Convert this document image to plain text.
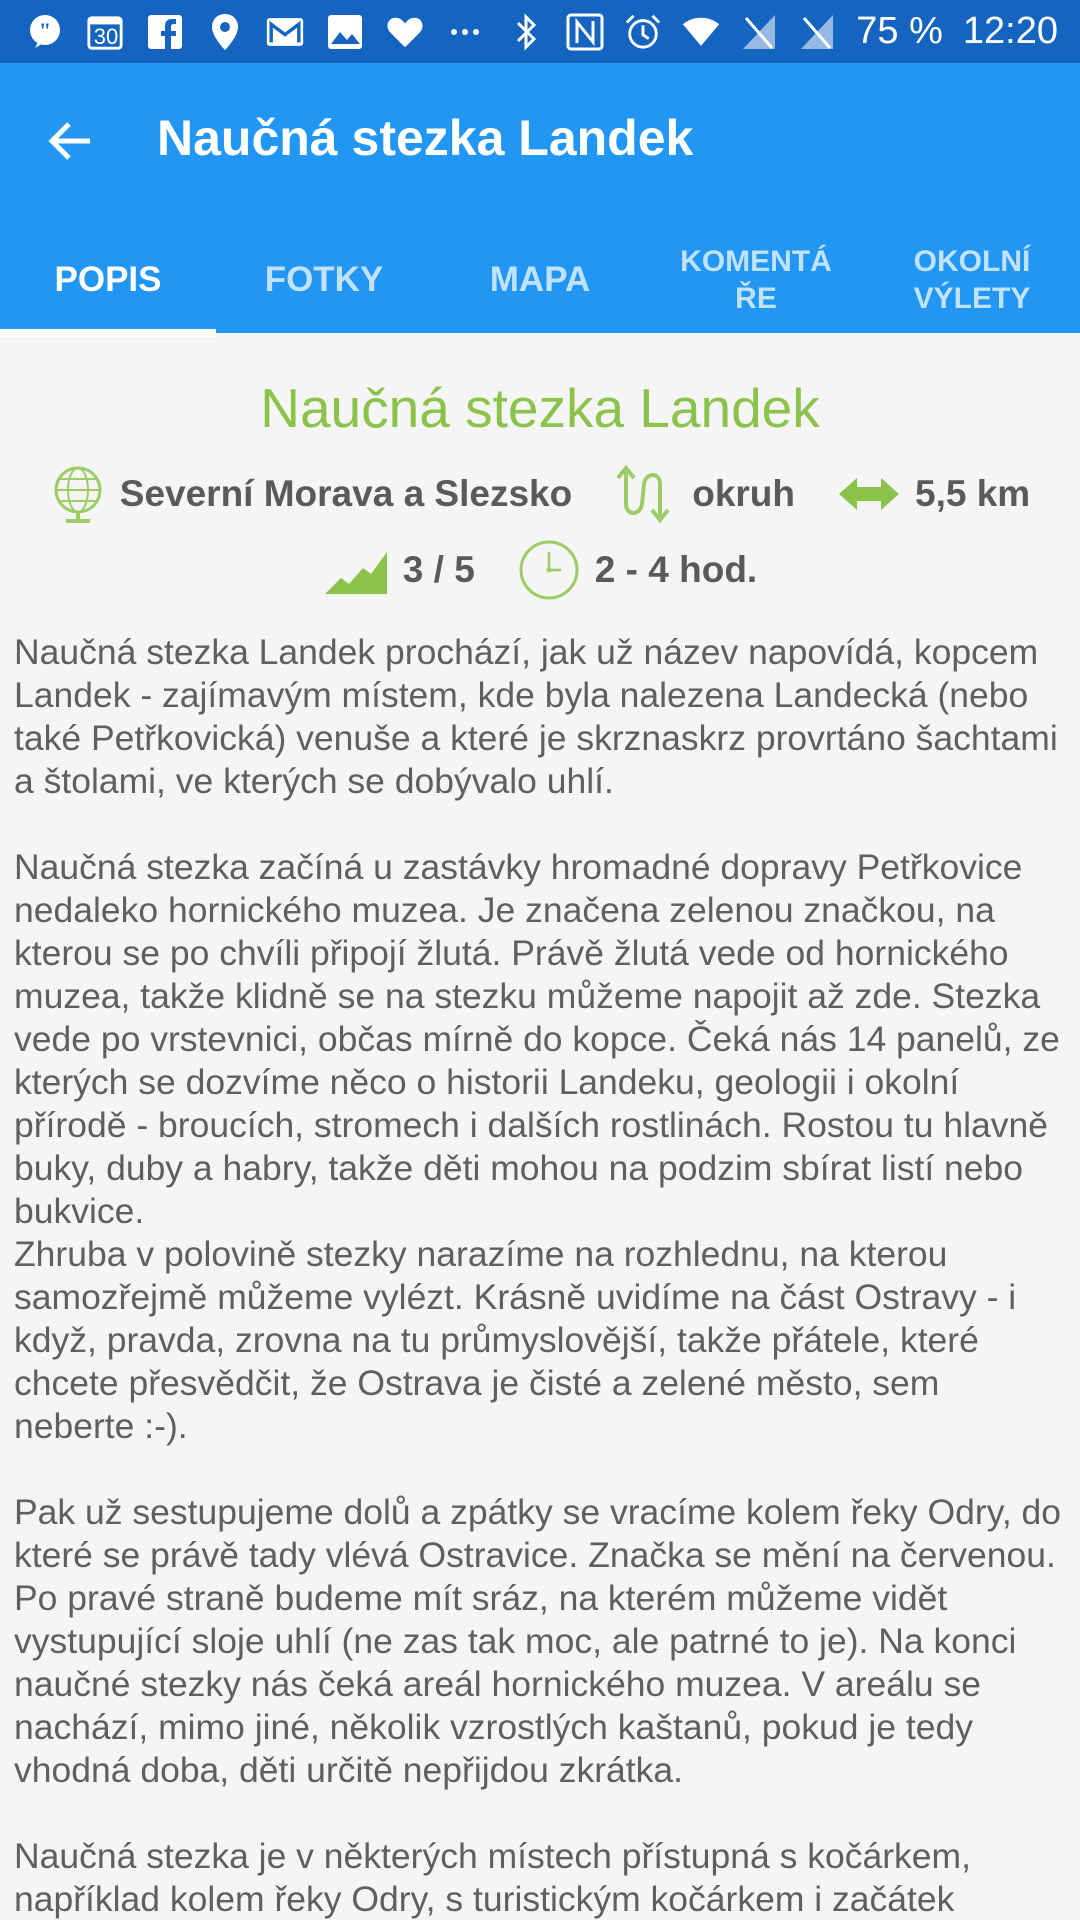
"	30	75 % 12:20
Naučná stezka Landek
POPIS	FOTKY	MAPA	KOMENTÁ
ŘE
OKOLNÍ
VÝLETY
Naučná stezka Landek
Severní Morava a Slezsko	okruh	5,5 km
3 / 5	2 - 4 hod.
Naučná stezka Landek prochází, jak už název napovídá, kopcem Landek - zajímavým místem, kde byla nalezena Landecká (nebo také Petřkovická) venuše a které je skrznaskrz provrtáno šachtami a štolami, ve kterých se dobývalo uhlí.

Naučná stezka začíná u zastávky hromadné dopravy Petřkovice nedaleko hornického muzea. Je značena zelenou značkou, na kterou se po chvíli připojí žlutá. Právě žlutá vede od hornického muzea, takže klidně se na stezku můžeme napojit až zde. Stezka vede po vrstevnici, občas mírně do kopce. Čeká nás 14 panelů, ze kterých se dozvíme něco o historii Landeku, geologii i okolní přírodě - broucích, stromech i dalších rostlinách. Rostou tu hlavně buky, duby a habry, takže děti mohou na podzim sbírat listí nebo bukvice.
Zhruba v polovině stezky narazíme na rozhlednu, na kterou samozřejmě můžeme vylézt. Krásně uvidíme na část Ostravy - i když, pravda, zrovna na tu průmyslovější, takže přátele, které chcete přesvědčit, že Ostrava je čisté a zelené město, sem neberte :-).

Pak už sestupujeme dolů a zpátky se vracíme kolem řeky Odry, do které se právě tady vlévá Ostravice. Značka se mění na červenou. Po pravé straně budeme mít sráz, na kterém můžeme vidět vystupující sloje uhlí (ne zas tak moc, ale patrné to je). Na konci naučné stezky nás čeká areál hornického muzea. V areálu se nachází, mimo jiné, několik vzrostlých kaštanů, pokud je tedy vhodná doba, děti určitě nepřijdou zkrátka.

Naučná stezka je v některých místech přístupná s kočárkem, například kolem řeky Odry, s turistickým kočárkem i začátek
